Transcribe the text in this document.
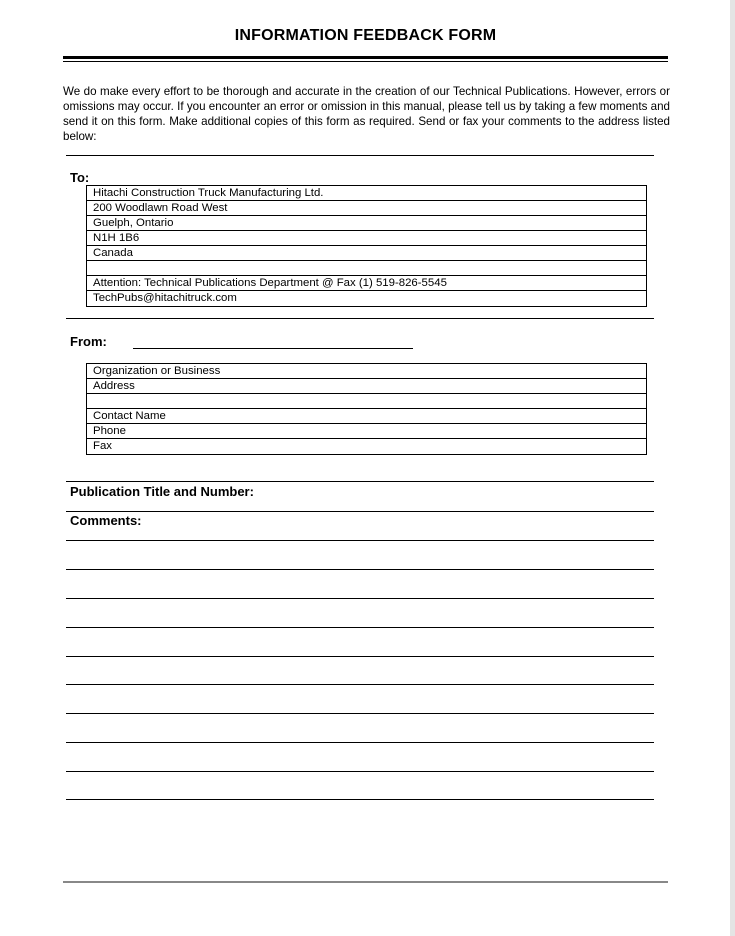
INFORMATION FEEDBACK FORM

We do make every effort to be thorough and accurate in the creation of our Technical Publications. However, errors or omissions may occur. If you encounter an error or omission in this manual, please tell us by taking a few moments and send it on this form. Make additional copies of this form as required. Send or fax your comments to the address listed below:

To:
Hitachi Construction Truck Manufacturing Ltd.
200 Woodlawn Road West
Guelph, Ontario
N1H 1B6
Canada
Attention: Technical Publications Department @ Fax (1) 519-826-5545
TechPubs@hitachitruck.com
From:
Organization or Business
Address
Contact Name
Phone
Fax
Publication Title and Number:
Comments:
